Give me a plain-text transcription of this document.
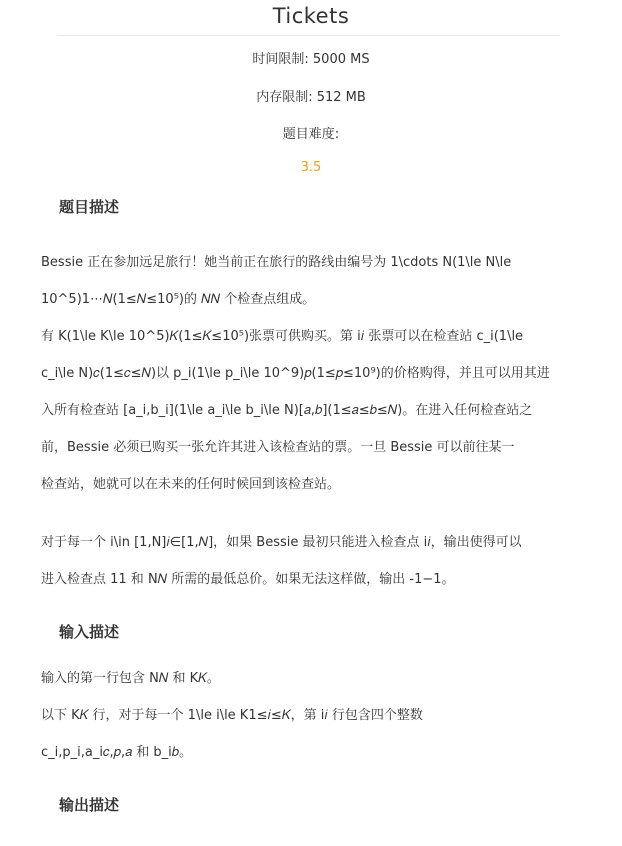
Tickets
时间限制: 5000 MS
内存限制: 512 MB
题目难度:
3.5
题目描述

Bessie 正在参加远足旅行！她当前正在旅行的路线由编号为 1\cdots N(1\le N\le

10^5)1⋯𝑁(1≤𝑁≤10⁵)的 𝑁𝑁 个检查点组成。

有 K(1\le K\le 10^5)𝐾(1≤𝐾≤10⁵)张票可供购买。第 i𝑖 张票可以在检查站 c_i(1\le

c_i\le N)𝑐(1≤𝑐≤𝑁)以 p_i(1\le p_i\le 10^9)𝑝(1≤𝑝≤10⁹)的价格购得，并且可以用其进

入所有检查站 [a_i,b_i](1\le a_i\le b_i\le N)[𝑎,𝑏](1≤𝑎≤𝑏≤𝑁)。在进入任何检查站之

前，Bessie 必须已购买一张允许其进入该检查站的票。一旦 Bessie 可以前往某一

检查站，她就可以在未来的任何时候回到该检查站。

对于每一个 i\in [1,N]𝑖∈[1,𝑁]，如果 Bessie 最初只能进入检查点 i𝑖，输出使得可以

进入检查点 11 和 N𝑁 所需的最低总价。如果无法这样做，输出 -1−1。

输入描述

输入的第一行包含 N𝑁 和 K𝐾。

以下 K𝐾 行，对于每一个 1\le i\le K1≤𝑖≤𝐾，第 i𝑖 行包含四个整数

c_i,p_i,a_i𝑐,𝑝,𝑎 和 b_i𝑏。

输出描述
